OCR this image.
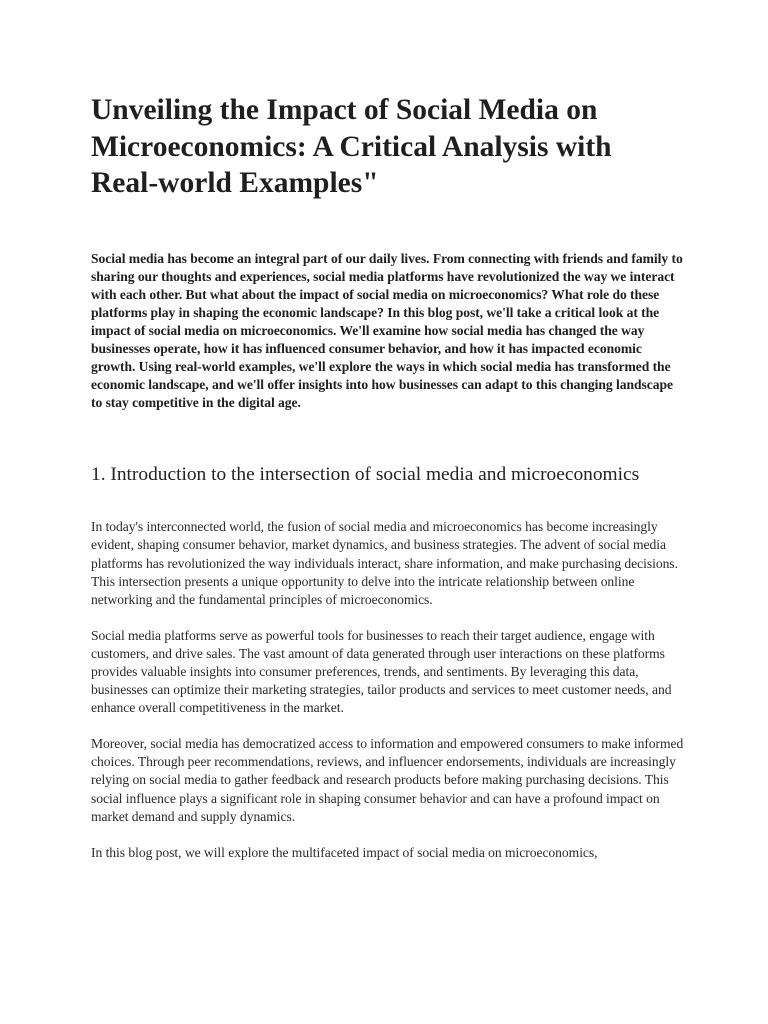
Unveiling the Impact of Social Media on Microeconomics: A Critical Analysis with Real-world Examples"

Social media has become an integral part of our daily lives. From connecting with friends and family to sharing our thoughts and experiences, social media platforms have revolutionized the way we interact with each other. But what about the impact of social media on microeconomics? What role do these platforms play in shaping the economic landscape? In this blog post, we'll take a critical look at the impact of social media on microeconomics. We'll examine how social media has changed the way businesses operate, how it has influenced consumer behavior, and how it has impacted economic growth. Using real-world examples, we'll explore the ways in which social media has transformed the economic landscape, and we'll offer insights into how businesses can adapt to this changing landscape to stay competitive in the digital age.

1. Introduction to the intersection of social media and microeconomics

In today's interconnected world, the fusion of social media and microeconomics has become increasingly evident, shaping consumer behavior, market dynamics, and business strategies. The advent of social media platforms has revolutionized the way individuals interact, share information, and make purchasing decisions. This intersection presents a unique opportunity to delve into the intricate relationship between online networking and the fundamental principles of microeconomics.

Social media platforms serve as powerful tools for businesses to reach their target audience, engage with customers, and drive sales. The vast amount of data generated through user interactions on these platforms provides valuable insights into consumer preferences, trends, and sentiments. By leveraging this data, businesses can optimize their marketing strategies, tailor products and services to meet customer needs, and enhance overall competitiveness in the market.

Moreover, social media has democratized access to information and empowered consumers to make informed choices. Through peer recommendations, reviews, and influencer endorsements, individuals are increasingly relying on social media to gather feedback and research products before making purchasing decisions. This social influence plays a significant role in shaping consumer behavior and can have a profound impact on market demand and supply dynamics.

In this blog post, we will explore the multifaceted impact of social media on microeconomics,
